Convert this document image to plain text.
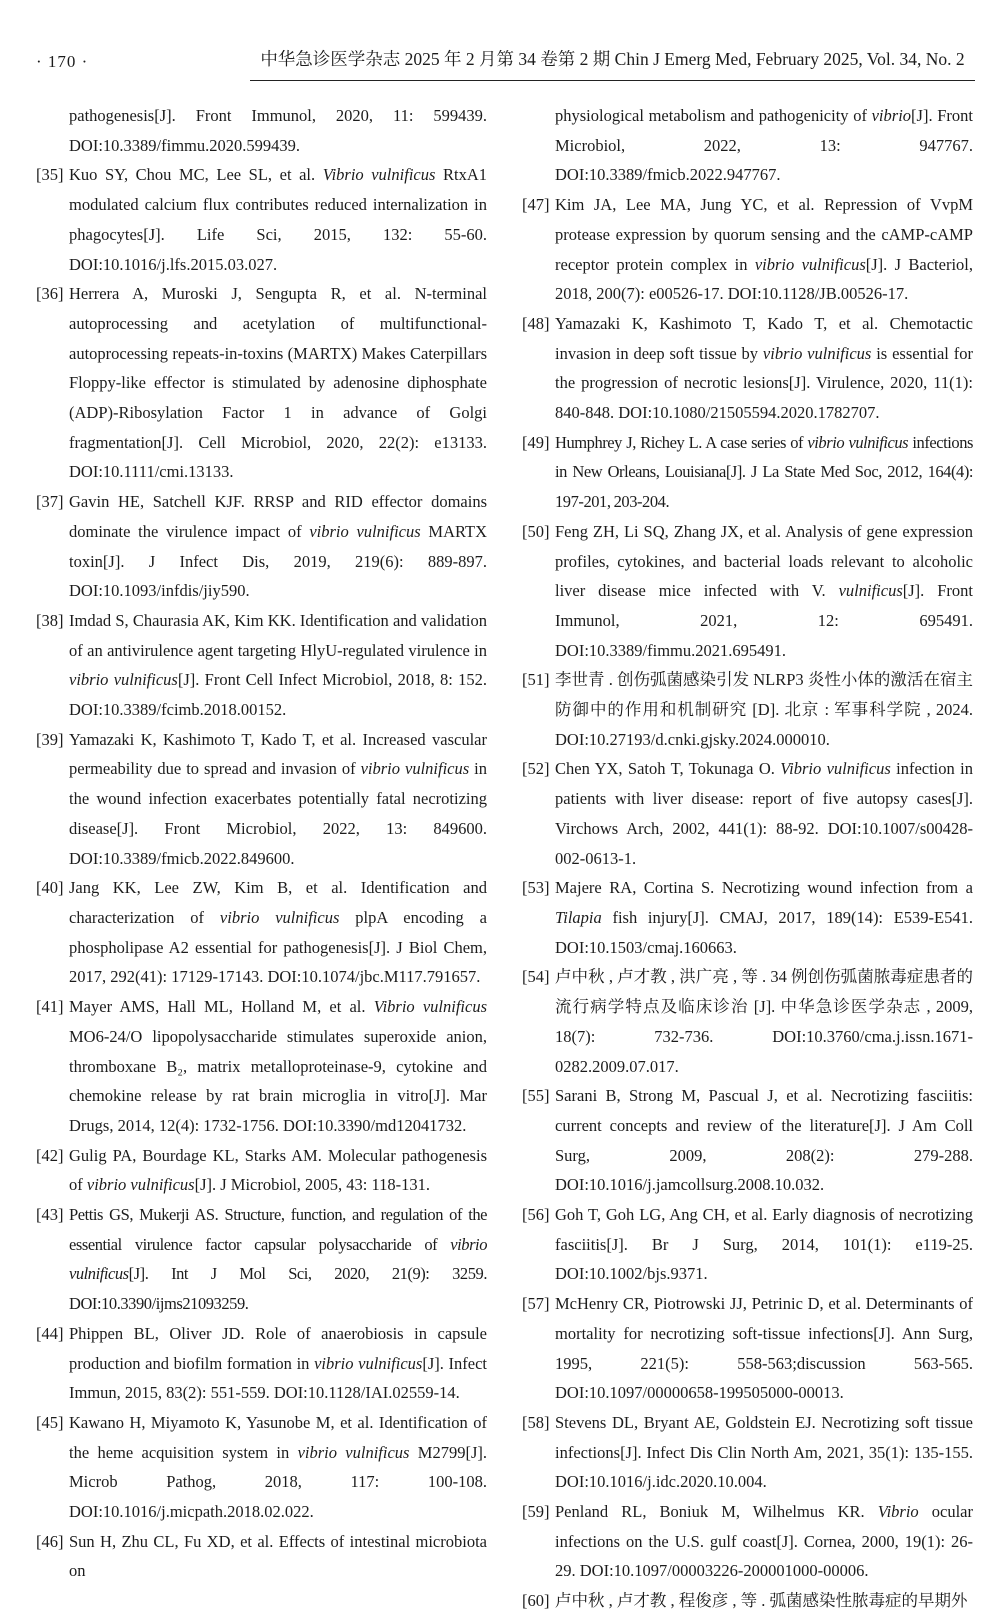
· 170 ·	中华急诊医学杂志 2025 年 2 月第 34 卷第 2 期 Chin J Emerg Med, February 2025, Vol. 34, No. 2
pathogenesis[J]. Front Immunol, 2020, 11: 599439. DOI:10.3389/fimmu.2020.599439.
[35] Kuo SY, Chou MC, Lee SL, et al. Vibrio vulnificus RtxA1 modulated calcium flux contributes reduced internalization in phagocytes[J]. Life Sci, 2015, 132: 55-60. DOI:10.1016/j.lfs.2015.03.027.
[36] Herrera A, Muroski J, Sengupta R, et al. N-terminal autoprocessing and acetylation of multifunctional-autoprocessing repeats-in-toxins (MARTX) Makes Caterpillars Floppy-like effector is stimulated by adenosine diphosphate (ADP)-Ribosylation Factor 1 in advance of Golgi fragmentation[J]. Cell Microbiol, 2020, 22(2): e13133. DOI:10.1111/cmi.13133.
[37] Gavin HE, Satchell KJF. RRSP and RID effector domains dominate the virulence impact of vibrio vulnificus MARTX toxin[J]. J Infect Dis, 2019, 219(6): 889-897. DOI:10.1093/infdis/jiy590.
[38] Imdad S, Chaurasia AK, Kim KK. Identification and validation of an antivirulence agent targeting HlyU-regulated virulence in vibrio vulnificus[J]. Front Cell Infect Microbiol, 2018, 8: 152. DOI:10.3389/fcimb.2018.00152.
[39] Yamazaki K, Kashimoto T, Kado T, et al. Increased vascular permeability due to spread and invasion of vibrio vulnificus in the wound infection exacerbates potentially fatal necrotizing disease[J]. Front Microbiol, 2022, 13: 849600. DOI:10.3389/fmicb.2022.849600.
[40] Jang KK, Lee ZW, Kim B, et al. Identification and characterization of vibrio vulnificus plpA encoding a phospholipase A2 essential for pathogenesis[J]. J Biol Chem, 2017, 292(41): 17129-17143. DOI:10.1074/jbc.M117.791657.
[41] Mayer AMS, Hall ML, Holland M, et al. Vibrio vulnificus MO6-24/O lipopolysaccharide stimulates superoxide anion, thromboxane B₂, matrix metalloproteinase-9, cytokine and chemokine release by rat brain microglia in vitro[J]. Mar Drugs, 2014, 12(4): 1732-1756. DOI:10.3390/md12041732.
[42] Gulig PA, Bourdage KL, Starks AM. Molecular pathogenesis of vibrio vulnificus[J]. J Microbiol, 2005, 43: 118-131.
[43] Pettis GS, Mukerji AS. Structure, function, and regulation of the essential virulence factor capsular polysaccharide of vibrio vulnificus[J]. Int J Mol Sci, 2020, 21(9): 3259. DOI:10.3390/ijms21093259.
[44] Phippen BL, Oliver JD. Role of anaerobiosis in capsule production and biofilm formation in vibrio vulnificus[J]. Infect Immun, 2015, 83(2): 551-559. DOI:10.1128/IAI.02559-14.
[45] Kawano H, Miyamoto K, Yasunobe M, et al. Identification of the heme acquisition system in vibrio vulnificus M2799[J]. Microb Pathog, 2018, 117: 100-108. DOI:10.1016/j.micpath.2018.02.022.
[46] Sun H, Zhu CL, Fu XD, et al. Effects of intestinal microbiota on
physiological metabolism and pathogenicity of vibrio[J]. Front Microbiol, 2022, 13: 947767. DOI:10.3389/fmicb.2022.947767.
[47] Kim JA, Lee MA, Jung YC, et al. Repression of VvpM protease expression by quorum sensing and the cAMP-cAMP receptor protein complex in vibrio vulnificus[J]. J Bacteriol, 2018, 200(7): e00526-17. DOI:10.1128/JB.00526-17.
[48] Yamazaki K, Kashimoto T, Kado T, et al. Chemotactic invasion in deep soft tissue by vibrio vulnificus is essential for the progression of necrotic lesions[J]. Virulence, 2020, 11(1): 840-848. DOI:10.1080/21505594.2020.1782707.
[49] Humphrey J, Richey L. A case series of vibrio vulnificus infections in New Orleans, Louisiana[J]. J La State Med Soc, 2012, 164(4): 197-201, 203-204.
[50] Feng ZH, Li SQ, Zhang JX, et al. Analysis of gene expression profiles, cytokines, and bacterial loads relevant to alcoholic liver disease mice infected with V. vulnificus[J]. Front Immunol, 2021, 12: 695491. DOI:10.3389/fimmu.2021.695491.
[51] 李世青 . 创伤弧菌感染引发 NLRP3 炎性小体的激活在宿主防御中的作用和机制研究 [D]. 北京 : 军事科学院 , 2024. DOI:10.27193/d.cnki.gjsky.2024.000010.
[52] Chen YX, Satoh T, Tokunaga O. Vibrio vulnificus infection in patients with liver disease: report of five autopsy cases[J]. Virchows Arch, 2002, 441(1): 88-92. DOI:10.1007/s00428-002-0613-1.
[53] Majere RA, Cortina S. Necrotizing wound infection from a Tilapia fish injury[J]. CMAJ, 2017, 189(14): E539-E541. DOI:10.1503/cmaj.160663.
[54] 卢中秋 , 卢才教 , 洪广亮 , 等 . 34 例创伤弧菌脓毒症患者的流行病学特点及临床诊治 [J]. 中华急诊医学杂志 , 2009, 18(7): 732-736. DOI:10.3760/cma.j.issn.1671-0282.2009.07.017.
[55] Sarani B, Strong M, Pascual J, et al. Necrotizing fasciitis: current concepts and review of the literature[J]. J Am Coll Surg, 2009, 208(2): 279-288. DOI:10.1016/j.jamcollsurg.2008.10.032.
[56] Goh T, Goh LG, Ang CH, et al. Early diagnosis of necrotizing fasciitis[J]. Br J Surg, 2014, 101(1): e119-25. DOI:10.1002/bjs.9371.
[57] McHenry CR, Piotrowski JJ, Petrinic D, et al. Determinants of mortality for necrotizing soft-tissue infections[J]. Ann Surg, 1995, 221(5): 558-563;discussion 563-565. DOI:10.1097/00000658-199505000-00013.
[58] Stevens DL, Bryant AE, Goldstein EJ. Necrotizing soft tissue infections[J]. Infect Dis Clin North Am, 2021, 35(1): 135-155. DOI:10.1016/j.idc.2020.10.004.
[59] Penland RL, Boniuk M, Wilhelmus KR. Vibrio ocular infections on the U.S. gulf coast[J]. Cornea, 2000, 19(1): 26-29. DOI:10.1097/00003226-200001000-00006.
[60] 卢中秋 , 卢才教 , 程俊彦 , 等 . 弧菌感染性脓毒症的早期外
